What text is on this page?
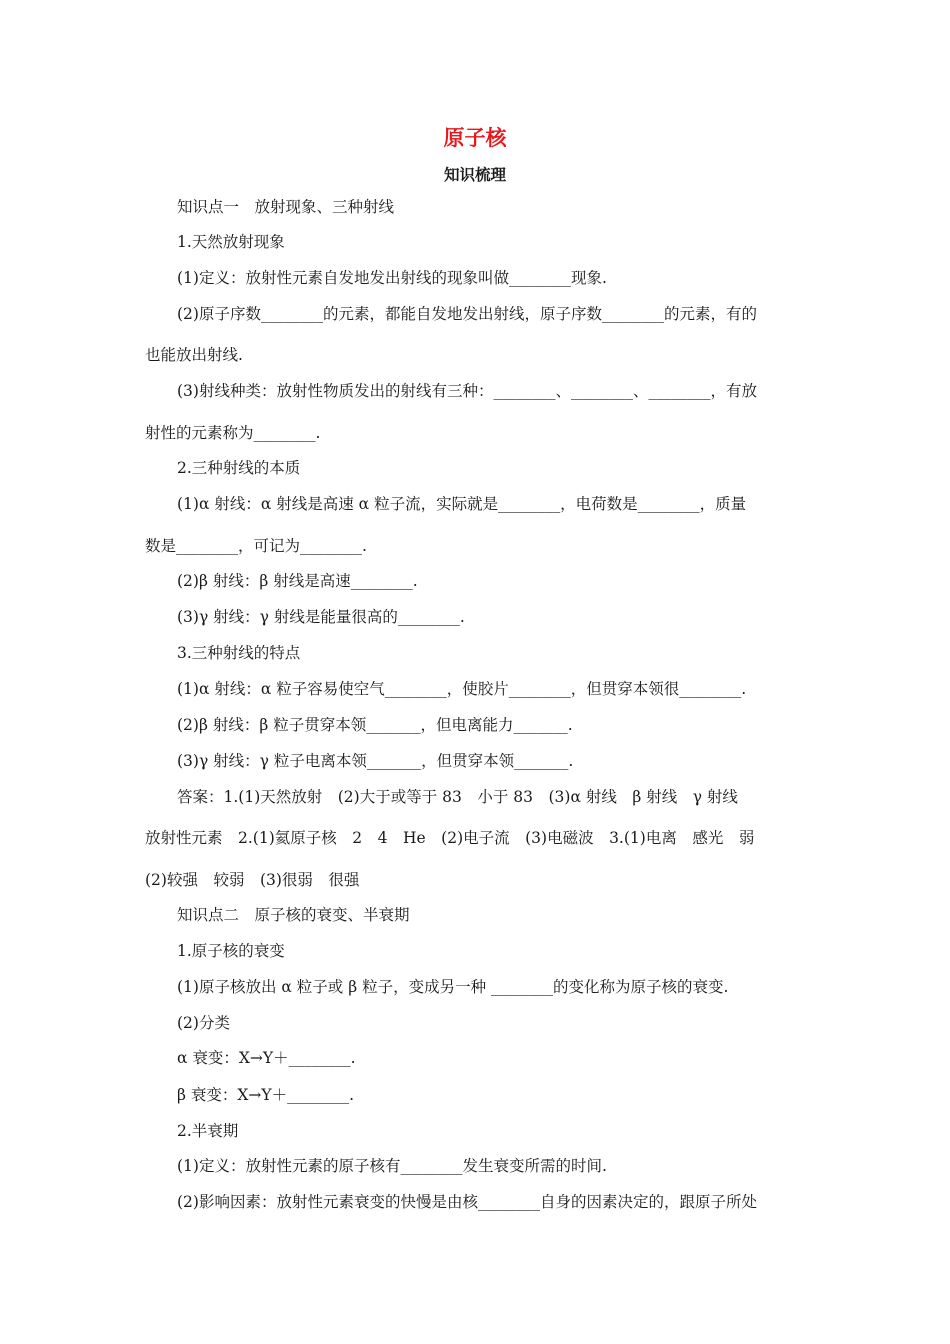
原子核
知识梳理
知识点一　放射现象、三种射线
1.天然放射现象
(1)定义：放射性元素自发地发出射线的现象叫做________现象.
(2)原子序数________的元素，都能自发地发出射线，原子序数________的元素，有的
也能放出射线.
(3)射线种类：放射性物质发出的射线有三种：________、________、________，有放
射性的元素称为________.
2.三种射线的本质
(1)α 射线：α 射线是高速 α 粒子流，实际就是________，电荷数是________，质量
数是________，可记为________.
(2)β 射线：β 射线是高速________.
(3)γ 射线：γ 射线是能量很高的________.
3.三种射线的特点
(1)α 射线：α 粒子容易使空气________，使胶片________，但贯穿本领很________.
(2)β 射线：β 粒子贯穿本领_______，但电离能力_______.
(3)γ 射线：γ 粒子电离本领_______，但贯穿本领_______.
答案：1.(1)天然放射　(2)大于或等于 83　小于 83　(3)α 射线　β 射线　γ 射线
放射性元素　2.(1)氦原子核　2　4　He　(2)电子流　(3)电磁波　3.(1)电离　感光　弱
(2)较强　较弱　(3)很弱　很强
知识点二　原子核的衰变、半衰期
1.原子核的衰变
(1)原子核放出 α 粒子或 β 粒子，变成另一种 ________的变化称为原子核的衰变.
(2)分类
α 衰变：X→Y＋________.
β 衰变：X→Y＋________.
2.半衰期
(1)定义：放射性元素的原子核有________发生衰变所需的时间.
(2)影响因素：放射性元素衰变的快慢是由核________自身的因素决定的，跟原子所处
